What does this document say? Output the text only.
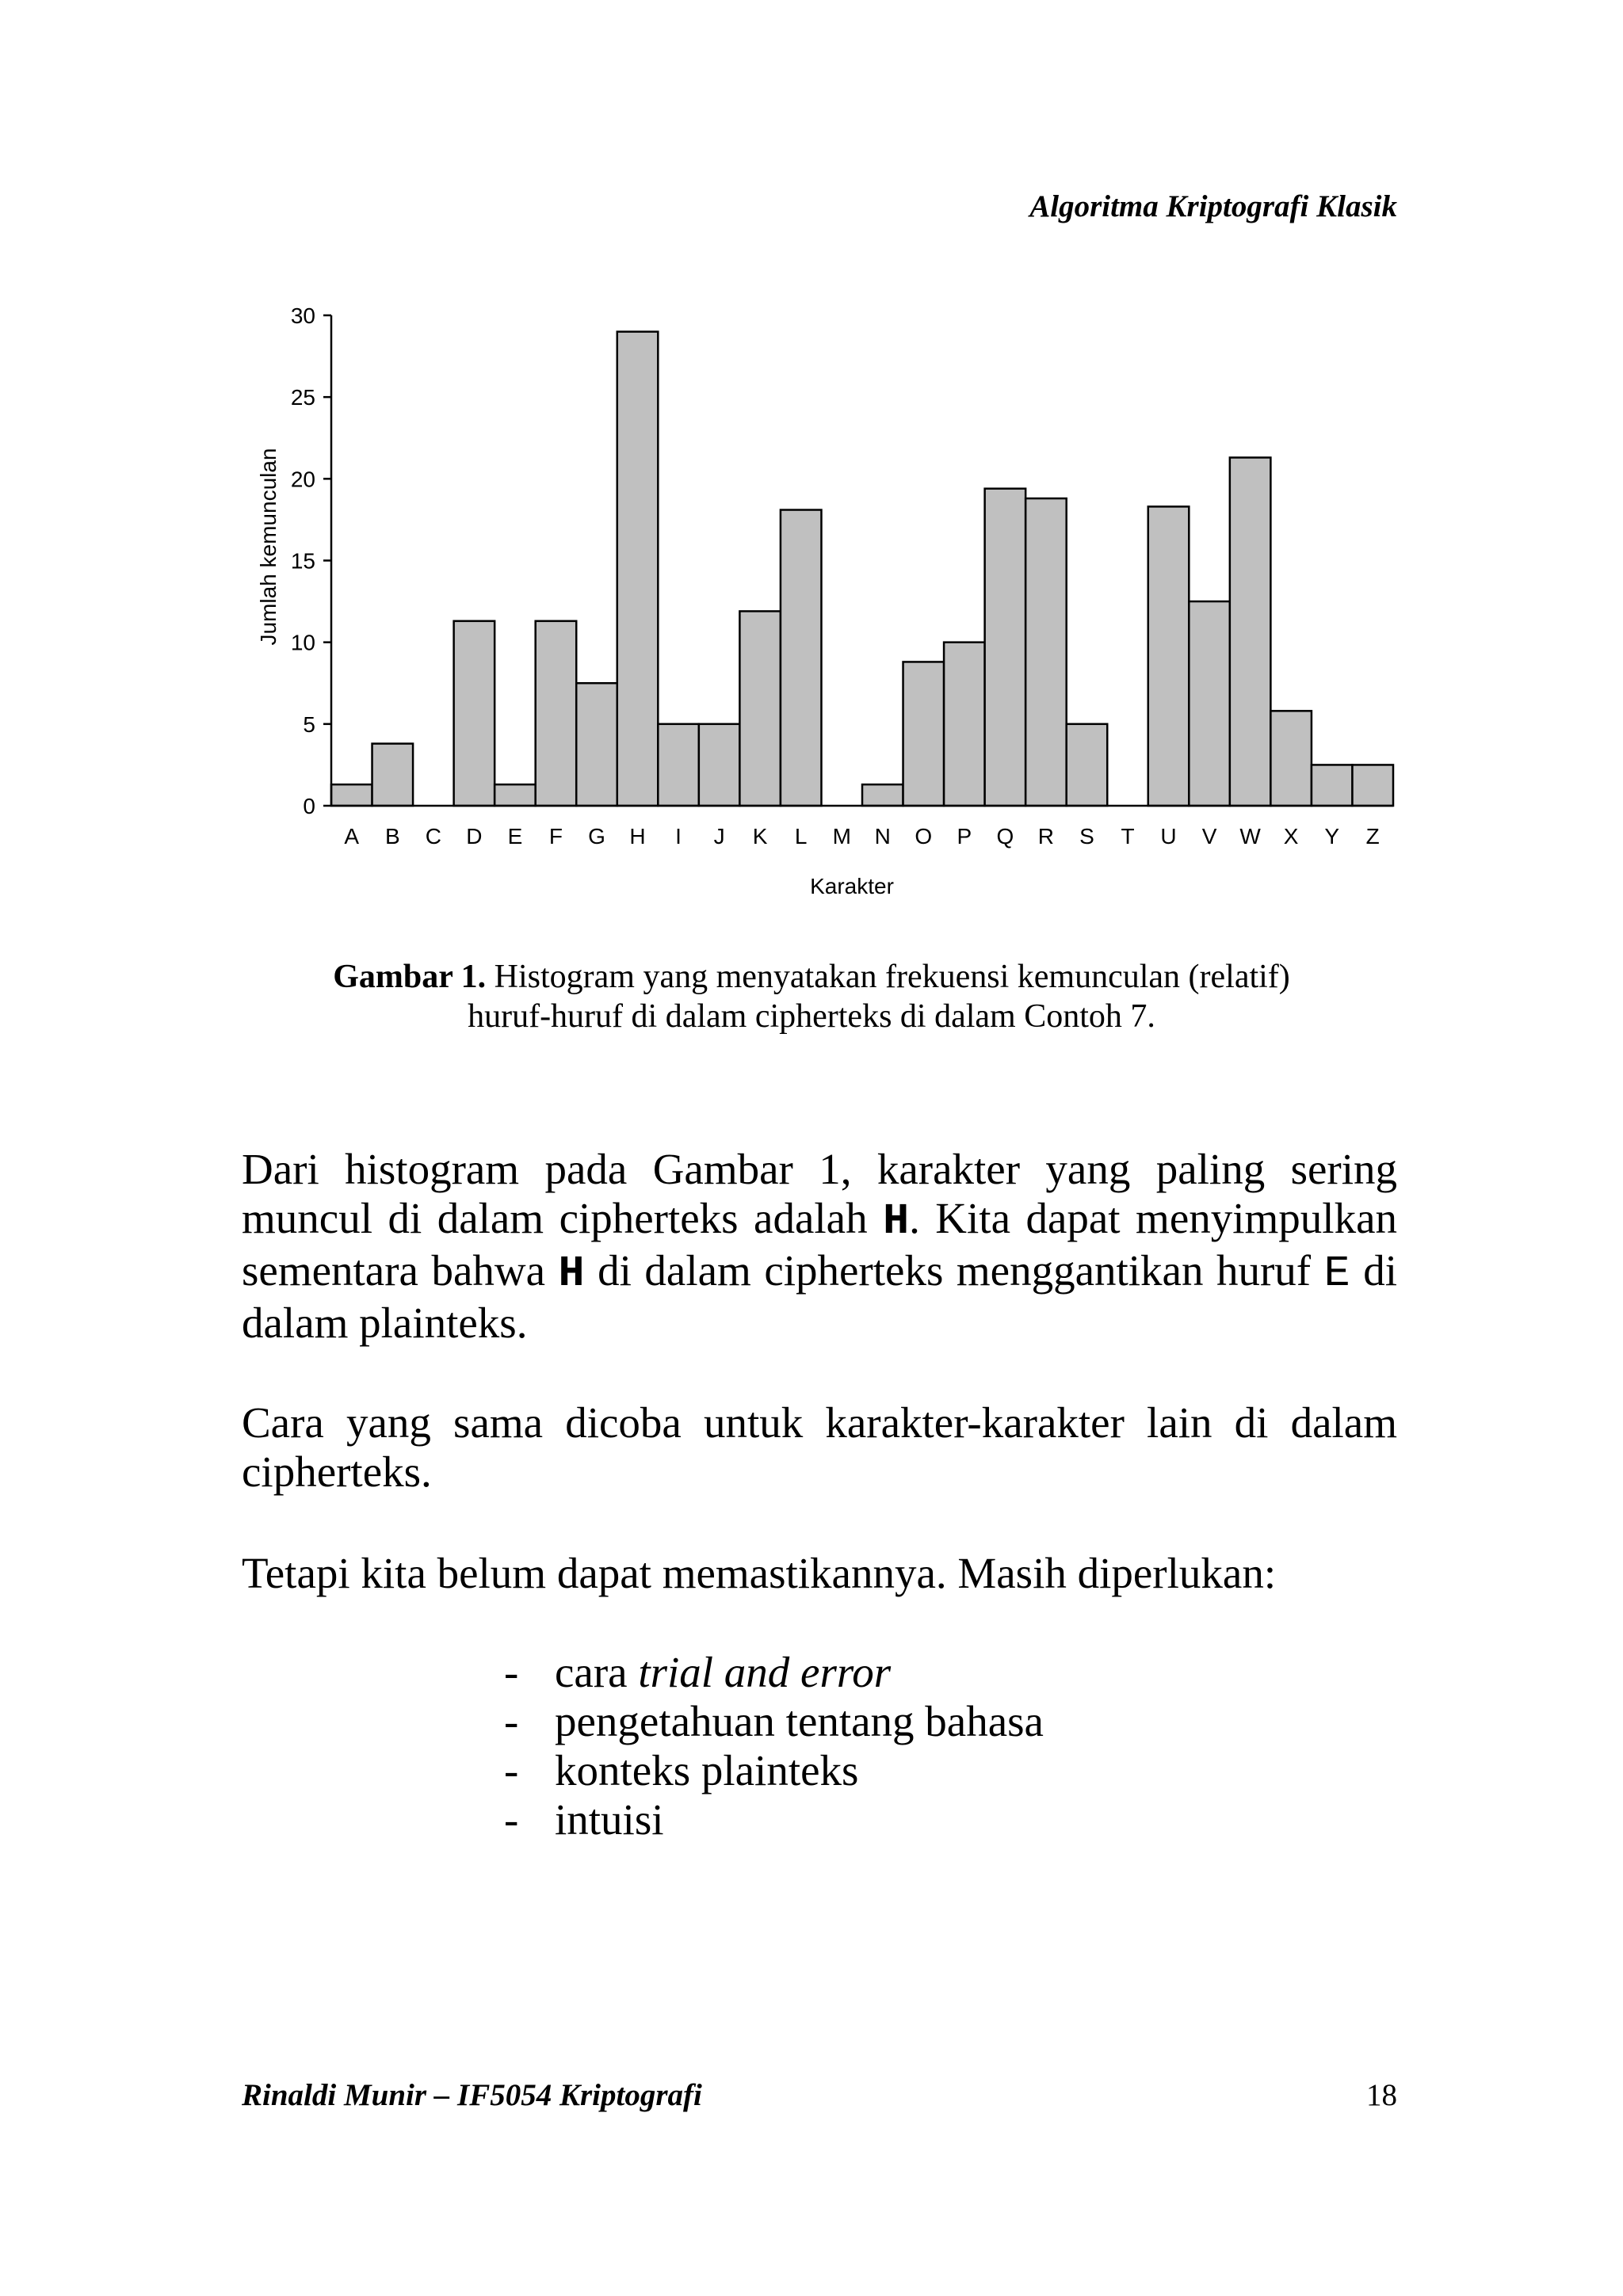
Algoritma Kriptografi Klasik
0
5
10
15
20
25
30
A B C D E F G H I J K L M N O P Q R S T U V W X Y Z
Karakter
Jumlah kemunculan
Gambar 1. Histogram yang menyatakan frekuensi kemunculan (relatif)
huruf-huruf di dalam cipherteks di dalam Contoh 7.
Dari histogram pada Gambar 1, karakter yang paling sering
muncul di dalam cipherteks adalah H. Kita dapat menyimpulkan
sementara bahwa H di dalam cipherteks menggantikan huruf E di
dalam plainteks.
Cara yang sama dicoba untuk karakter-karakter lain di dalam
cipherteks.
Tetapi kita belum dapat memastikannya. Masih diperlukan:
- cara trial and error
- pengetahuan tentang bahasa
- konteks plainteks
- intuisi
Rinaldi Munir – IF5054 Kriptografi	18
